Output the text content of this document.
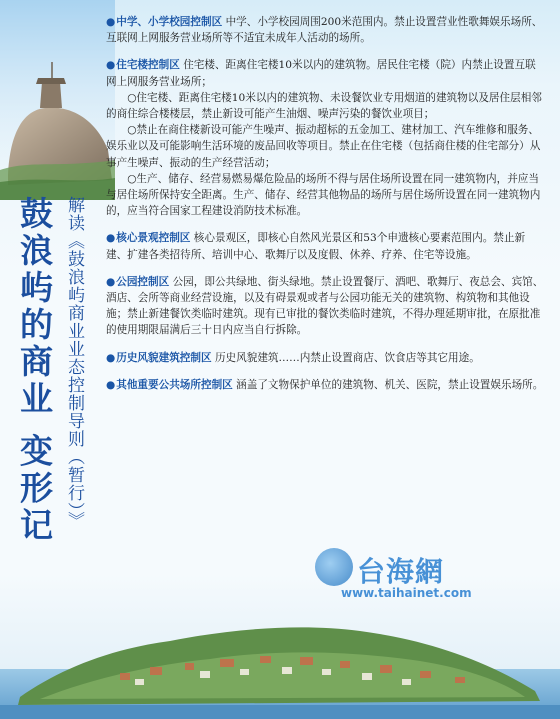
鼓浪屿的商业 变形记 解读《鼓浪屿商业业态控制导则（暂行）》
● 中学、小学校园控制区 中学、小学校园周围200米范围内。禁止设置营业性歌舞娱乐场所、互联网上网服务营业场所等不适宜未成年人活动的场所。
● 住宅楼控制区 住宅楼、距离住宅楼10米以内的建筑物。居民住宅楼（院）内禁止设置互联网上网服务营业场所；
○住宅楼、距离住宅楼10米以内的建筑物、未设餐饮业专用烟道的建筑物以及居住层相邻的商住综合楼楼层，禁止新设可能产生油烟、噪声污染的餐饮业项目；
○禁止在商住楼新设可能产生噪声、振动超标的五金加工、建材加工、汽车维修和服务、娱乐业以及可能影响生活环境的废品回收等项目。禁止在住宅楼（包括商住楼的住宅部分）从事产生噪声、振动的生产经营活动；
○生产、储存、经营易燃易爆危险品的场所不得与居住场所设置在同一建筑物内，并应当与居住场所保持安全距离。生产、储存、经营其他物品的场所与居住场所设置在同一建筑物内的，应当符合国家工程建设消防技术标准。
● 核心景观控制区 核心景观区，即核心自然风光景区和53个申遗核心要素范围内。禁止新建、扩建各类招待所、培训中心、歌舞厅以及度假、休养、疗养、住宅等设施。
● 公园控制区 公园，即公共绿地、街头绿地。禁止设置餐厅、酒吧、歌舞厅、夜总会、宾馆、酒店、会所等商业经营设施，以及有碍景观或者与公园功能无关的建筑物、构筑物和其他设施；禁止新建餐饮类临时建筑。现有已审批的餐饮类临时建筑，不得办理延期审批，在原批准的使用期限届满后三十日内应当自行拆除。
● 历史风貌建筑控制区 历史风貌建筑……内禁止设置商店、饮食店等其它用途。
● 其他重要公共场所控制区 涵盖了文物保护单位的建筑物、机关、医院，禁止设置娱乐场所。
台海網
www.taihainet.com
